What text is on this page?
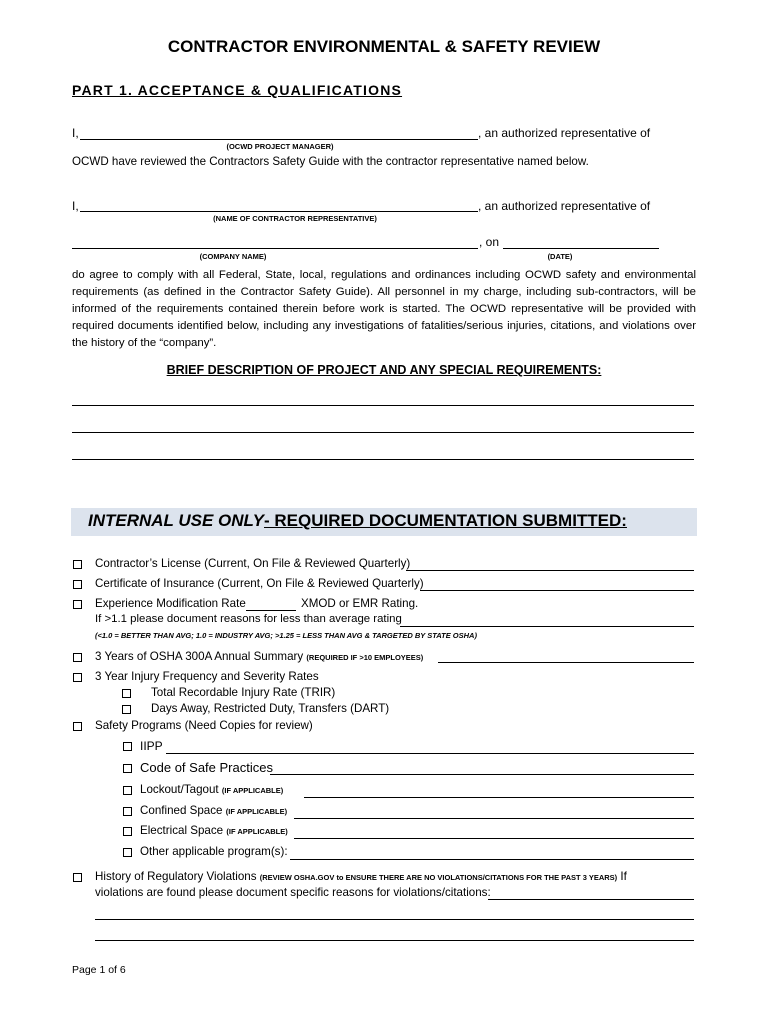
CONTRACTOR ENVIRONMENTAL & SAFETY REVIEW
PART 1. ACCEPTANCE & QUALIFICATIONS
I,	, an authorized representative of
(OCWD PROJECT MANAGER)
OCWD have reviewed the Contractors Safety Guide with the contractor representative named below.
I,	, an authorized representative of
(NAME OF CONTRACTOR REPRESENTATIVE)
, on
(COMPANY NAME)	(DATE)
do agree to comply with all Federal, State, local, regulations and ordinances including OCWD safety and environmental requirements (as defined in the Contractor Safety Guide). All personnel in my charge, including sub-contractors, will be informed of the requirements contained therein before work is started. The OCWD representative will be provided with required documents identified below, including any investigations of fatalities/serious injuries, citations, and violations over the history of the “company”.
BRIEF DESCRIPTION OF PROJECT AND ANY SPECIAL REQUIREMENTS:
INTERNAL USE ONLY- REQUIRED DOCUMENTATION SUBMITTED:
Contractor’s License (Current, On File & Reviewed Quarterly)
Certificate of Insurance (Current, On File & Reviewed Quarterly)
Experience Modification Rate	XMOD or EMR Rating.
If >1.1 please document reasons for less than average rating
(<1.0 = BETTER THAN AVG; 1.0 = INDUSTRY AVG; >1.25 = LESS THAN AVG & TARGETED BY STATE OSHA)
3 Years of OSHA 300A Annual Summary (REQUIRED IF >10 EMPLOYEES)
3 Year Injury Frequency and Severity Rates
Total Recordable Injury Rate (TRIR)
Days Away, Restricted Duty, Transfers (DART)
Safety Programs (Need Copies for review)
IIPP
Code of Safe Practices
Lockout/Tagout (IF APPLICABLE)
Confined Space (IF APPLICABLE)
Electrical Space (IF APPLICABLE)
Other applicable program(s):
History of Regulatory Violations (REVIEW OSHA.GOV to ENSURE THERE ARE NO VIOLATIONS/CITATIONS FOR THE PAST 3 YEARS) If
violations are found please document specific reasons for violations/citations:
Page 1 of 6
